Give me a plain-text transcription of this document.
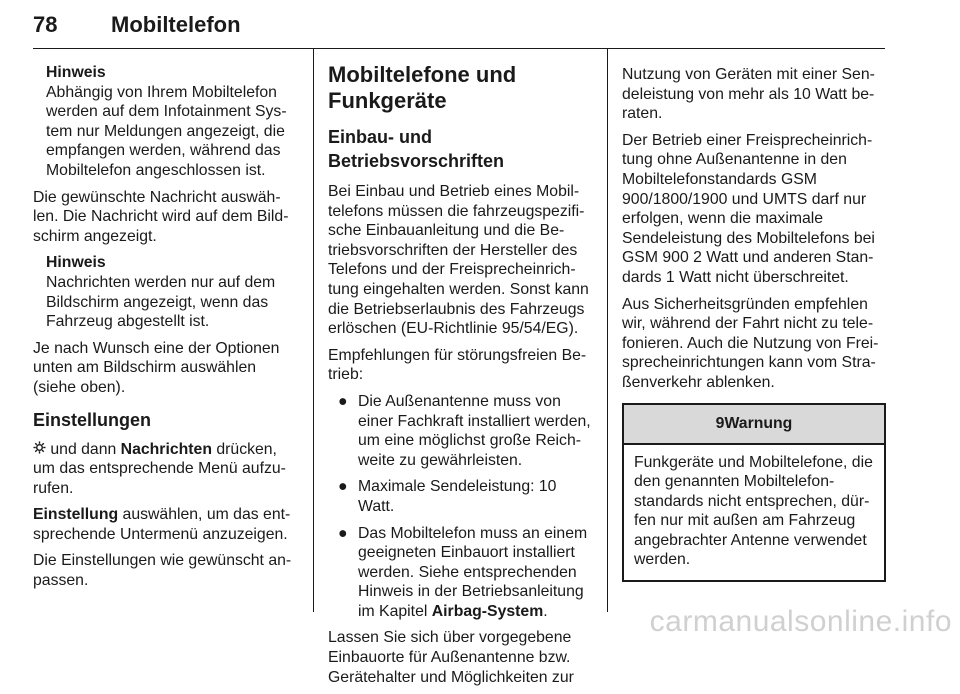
78 Mobiltelefon
Hinweis
Abhängig von Ihrem Mobiltelefon werden auf dem Infotainment Sys-tem nur Meldungen angezeigt, die empfangen werden, während das Mobiltelefon angeschlossen ist.

Die gewünschte Nachricht auswäh-len. Die Nachricht wird auf dem Bild-schirm angezeigt.

Hinweis
Nachrichten werden nur auf dem Bildschirm angezeigt, wenn das Fahrzeug abgestellt ist.

Je nach Wunsch eine der Optionen unten am Bildschirm auswählen (siehe oben).

Einstellungen

und dann Nachrichten drücken, um das entsprechende Menü aufzu-rufen.

Einstellung auswählen, um das ent-sprechende Untermenü anzuzeigen.

Die Einstellungen wie gewünscht an-passen.

Mobiltelefone und Funkgeräte
Einbau- und Betriebsvorschriften

Bei Einbau und Betrieb eines Mobil-telefons müssen die fahrzeugspezifi-sche Einbauanleitung und die Be-triebsvorschriften der Hersteller des Telefons und der Freisprecheinrich-tung eingehalten werden. Sonst kann die Betriebserlaubnis des Fahrzeugs erlöschen (EU-Richtlinie 95/54/EG).

Empfehlungen für störungsfreien Be-trieb:

● Die Außenantenne muss von einer Fachkraft installiert werden, um eine möglichst große Reich-weite zu gewährleisten.
● Maximale Sendeleistung: 10 Watt.
● Das Mobiltelefon muss an einem geeigneten Einbauort installiert werden. Siehe entsprechenden Hinweis in der Betriebsanleitung im Kapitel Airbag-System.

Lassen Sie sich über vorgegebene Einbauorte für Außenantenne bzw. Gerätehalter und Möglichkeiten zur

Nutzung von Geräten mit einer Sen-deleistung von mehr als 10 Watt be-raten.

Der Betrieb einer Freisprecheinrich-tung ohne Außenantenne in den Mobiltelefonstandards GSM 900/1800/1900 und UMTS darf nur erfolgen, wenn die maximale Sendeleistung des Mobiltelefons bei GSM 900 2 Watt und anderen Stan-dards 1 Watt nicht überschreitet.

Aus Sicherheitsgründen empfehlen wir, während der Fahrt nicht zu tele-fonieren. Auch die Nutzung von Frei-sprecheinrichtungen kann vom Stra-ßenverkehr ablenken.

9Warnung
Funkgeräte und Mobiltelefone, die den genannten Mobiltelefon-standards nicht entsprechen, dür-fen nur mit außen am Fahrzeug angebrachter Antenne verwendet werden.
carmanualsonline.info
